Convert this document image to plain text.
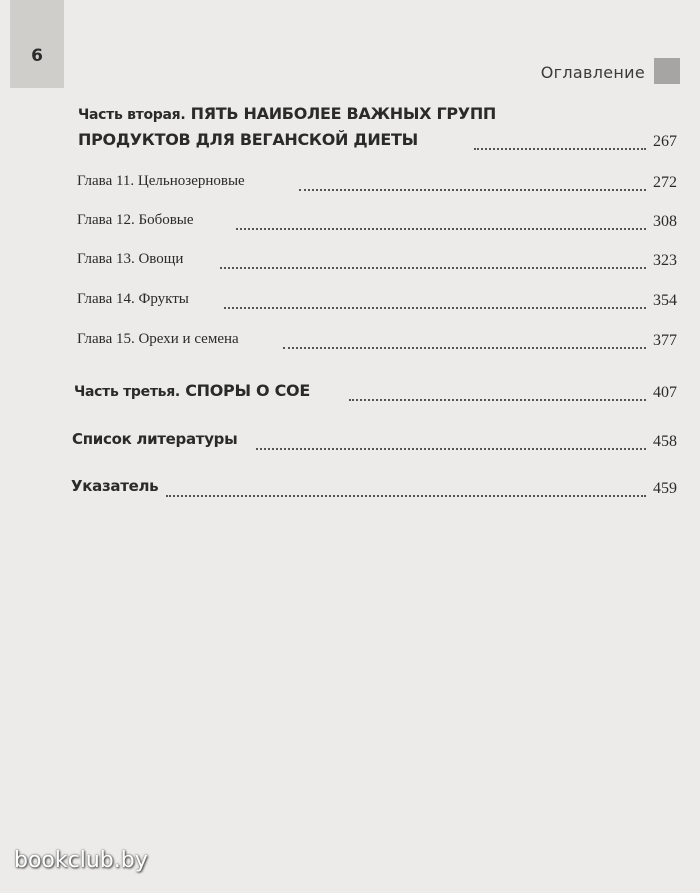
6
Оглавление
Часть вторая. ПЯТЬ НАИБОЛЕЕ ВАЖНЫХ ГРУПП
ПРОДУКТОВ ДЛЯ ВЕГАНСКОЙ ДИЕТЫ	267
Глава 11. Цельнозерновые	272
Глава 12. Бобовые	308
Глава 13. Овощи	323
Глава 14. Фрукты	354
Глава 15. Орехи и семена	377
Часть третья. СПОРЫ О СОЕ	407
Список литературы	458
Указатель	459
bookclub.by
